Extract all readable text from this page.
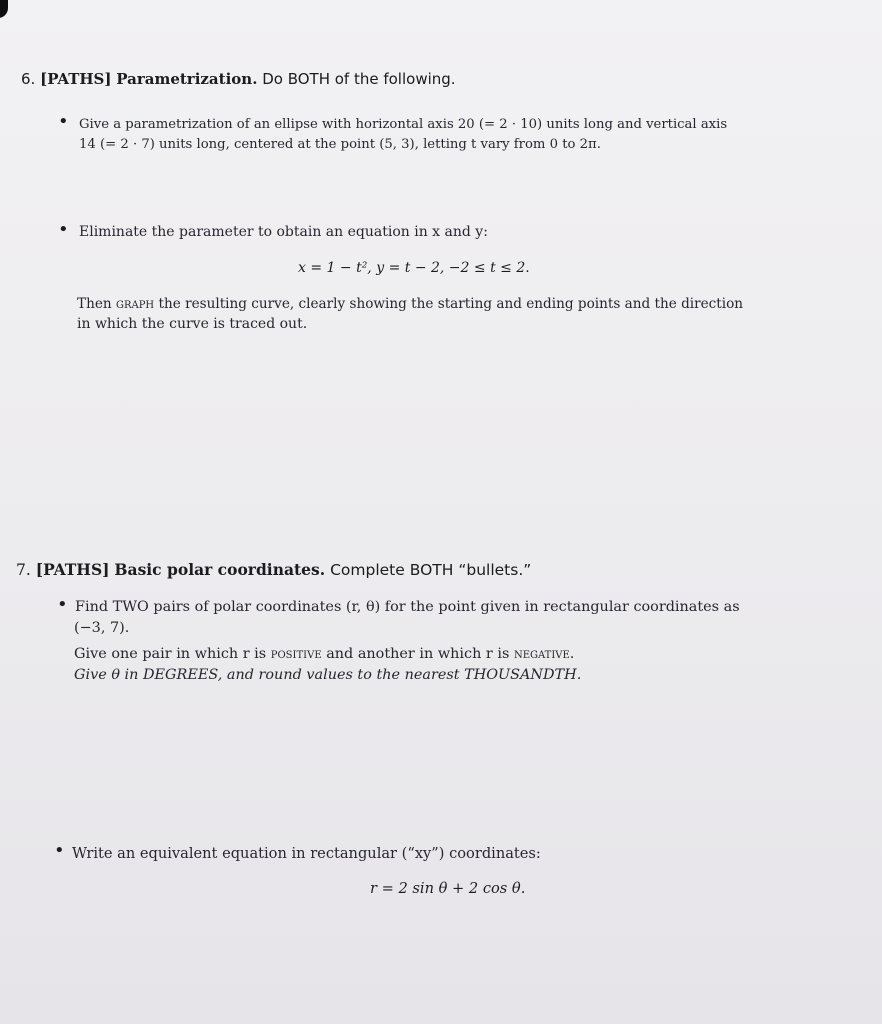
6. [PATHS] Parametrization. Do BOTH of the following.
• Give a parametrization of an ellipse with horizontal axis 20 (= 2 · 10) units long and vertical axis
14 (= 2 · 7) units long, centered at the point (5, 3), letting t vary from 0 to 2π.
• Eliminate the parameter to obtain an equation in x and y:
x = 1 − t², y = t − 2, −2 ≤ t ≤ 2.
Then graph the resulting curve, clearly showing the starting and ending points and the direction
in which the curve is traced out.
7. [PATHS] Basic polar coordinates. Complete BOTH “bullets.”
• Find TWO pairs of polar coordinates (r, θ) for the point given in rectangular coordinates as
(−3, 7).
Give one pair in which r is positive and another in which r is negative.
Give θ in DEGREES, and round values to the nearest THOUSANDTH.
• Write an equivalent equation in rectangular (“xy”) coordinates:
r = 2 sin θ + 2 cos θ.
